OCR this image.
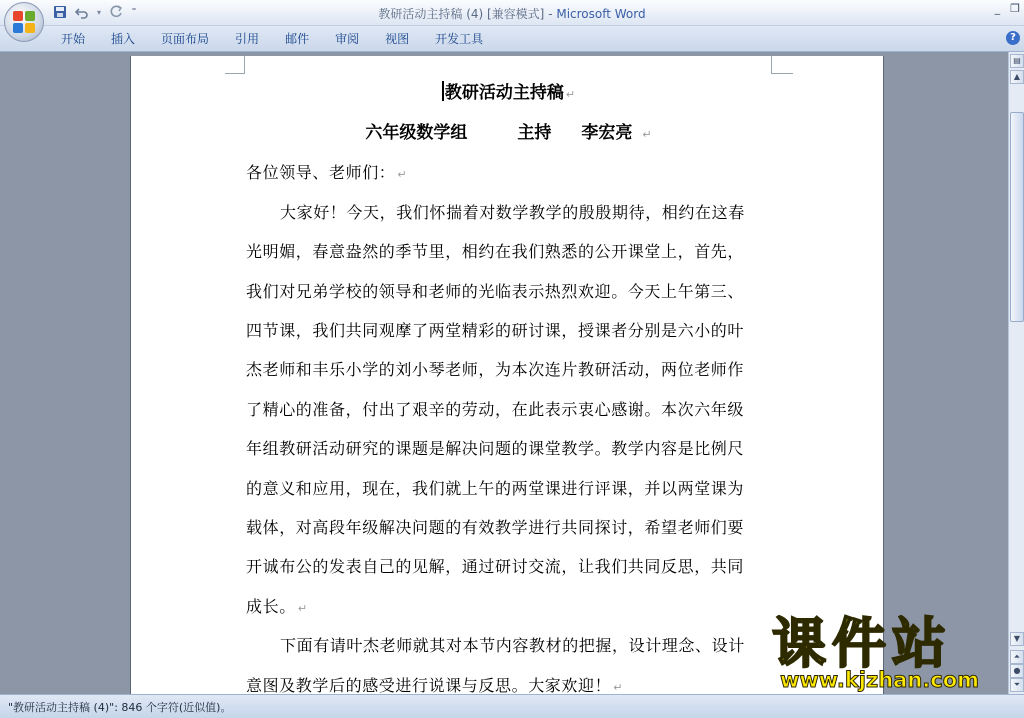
▾	⁼	教研活动主持稿 (4) [兼容模式] - Microsoft Word	_ ❐
开始	插入	页面布局	引用	邮件	审阅	视图	开发工具	?
教研活动主持稿 ↵
六年级数学组	主持 李宏亮 ↵
各位领导、老师们： ↵
大家好！今天，我们怀揣着对数学教学的殷殷期待，相约在这春
光明媚，春意盎然的季节里，相约在我们熟悉的公开课堂上，首先，
我们对兄弟学校的领导和老师的光临表示热烈欢迎。今天上午第三、
四节课，我们共同观摩了两堂精彩的研讨课，授课者分别是六小的叶
杰老师和丰乐小学的刘小琴老师，为本次连片教研活动，两位老师作
了精心的准备，付出了艰辛的劳动，在此表示衷心感谢。本次六年级
年组教研活动研究的课题是解决问题的课堂教学。教学内容是比例尺
的意义和应用，现在，我们就上午的两堂课进行评课，并以两堂课为
载体，对高段年级解决问题的有效教学进行共同探讨，希望老师们要
开诚布公的发表自己的见解，通过研讨交流，让我们共同反思，共同
成长。 ↵
下面有请叶杰老师就其对本节内容教材的把握，设计理念、设计
意图及教学后的感受进行说课与反思。大家欢迎！ ↵
▤
▲
▼
⏶
●
⏷
"教研活动主持稿 (4)": 846 个字符(近似值)。
课件站
www.kjzhan.com
